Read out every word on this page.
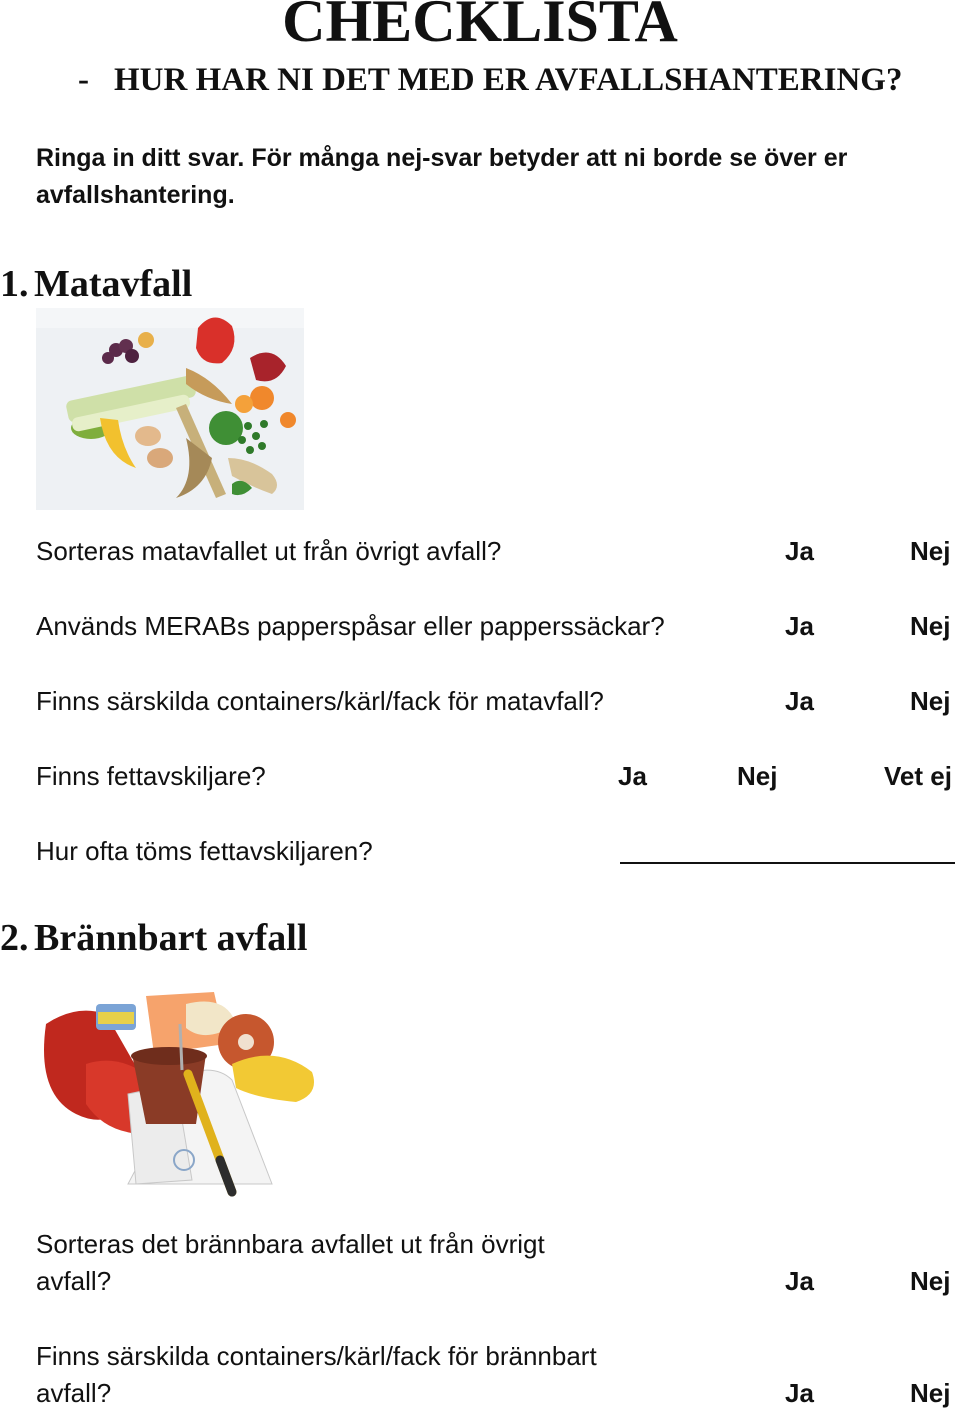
CHECKLISTA
- HUR HAR NI DET MED ER AVFALLSHANTERING?
Ringa in ditt svar. För många nej-svar betyder att ni borde se över er avfallshantering.
1. Matavfall
Sorteras matavfallet ut från övrigt avfall?	Ja	Nej
Används MERABs papperspåsar eller papperssäckar?	Ja	Nej
Finns särskilda containers/kärl/fack för matavfall?	Ja	Nej
Finns fettavskiljare?	Ja	Nej	Vet ej
Hur ofta töms fettavskiljaren?
2. Brännbart avfall
Sorteras det brännbara avfallet ut från övrigt
avfall?	Ja	Nej
Finns särskilda containers/kärl/fack för brännbart
avfall?	Ja	Nej
